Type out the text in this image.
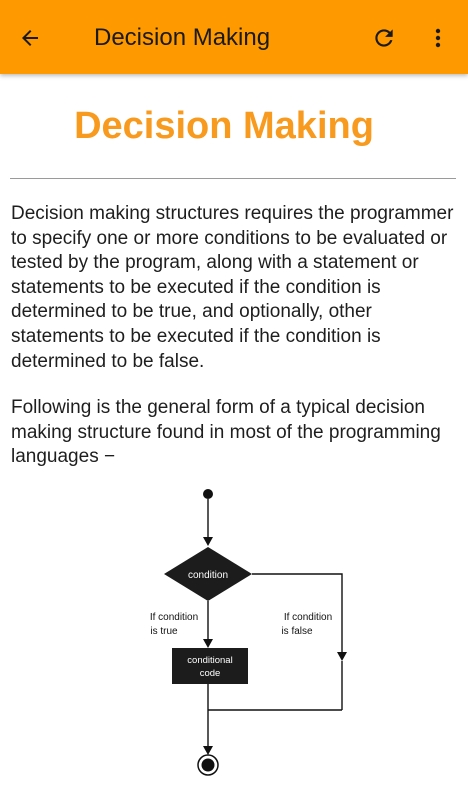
Decision Making
Decision Making

Decision making structures requires the programmer to specify one or more conditions to be evaluated or tested by the program, along with a statement or statements to be executed if the condition is determined to be true, and optionally, other statements to be executed if the condition is determined to be false.

Following is the general form of a typical decision making structure found in most of the programming languages −

condition
If condition
is true
conditional
code
If condition
is false
